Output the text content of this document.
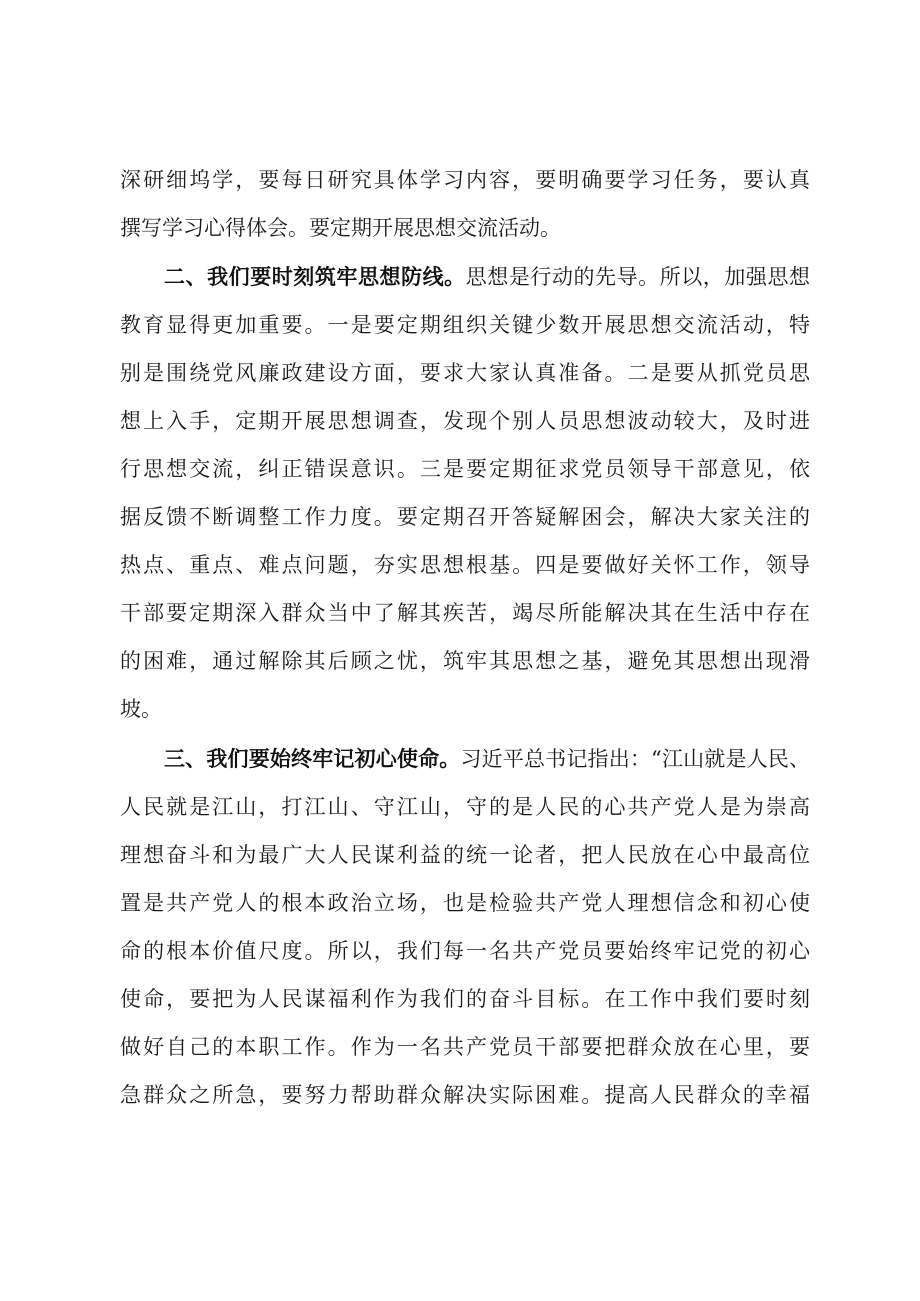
深研细坞学，要每日研究具体学习内容，要明确要学习任务，要认真
撰写学习心得体会。要定期开展思想交流活动。
二、我们要时刻筑牢思想防线。思想是行动的先导。所以，加强思想
教育显得更加重要。一是要定期组织关键少数开展思想交流活动，特
别是围绕党风廉政建设方面，要求大家认真准备。二是要从抓党员思
想上入手，定期开展思想调查，发现个别人员思想波动较大，及时进
行思想交流，纠正错误意识。三是要定期征求党员领导干部意见，依
据反馈不断调整工作力度。要定期召开答疑解困会，解决大家关注的
热点、重点、难点问题，夯实思想根基。四是要做好关怀工作，领导
干部要定期深入群众当中了解其疾苦，竭尽所能解决其在生活中存在
的困难，通过解除其后顾之忧，筑牢其思想之基，避免其思想出现滑
坡。
三、我们要始终牢记初心使命。习近平总书记指出：“江山就是人民、
人民就是江山，打江山、守江山，守的是人民的心共产党人是为崇高
理想奋斗和为最广大人民谋利益的统一论者，把人民放在心中最高位
置是共产党人的根本政治立场，也是检验共产党人理想信念和初心使
命的根本价值尺度。所以，我们每一名共产党员要始终牢记党的初心
使命，要把为人民谋福利作为我们的奋斗目标。在工作中我们要时刻
做好自己的本职工作。作为一名共产党员干部要把群众放在心里，要
急群众之所急，要努力帮助群众解决实际困难。提高人民群众的幸福
